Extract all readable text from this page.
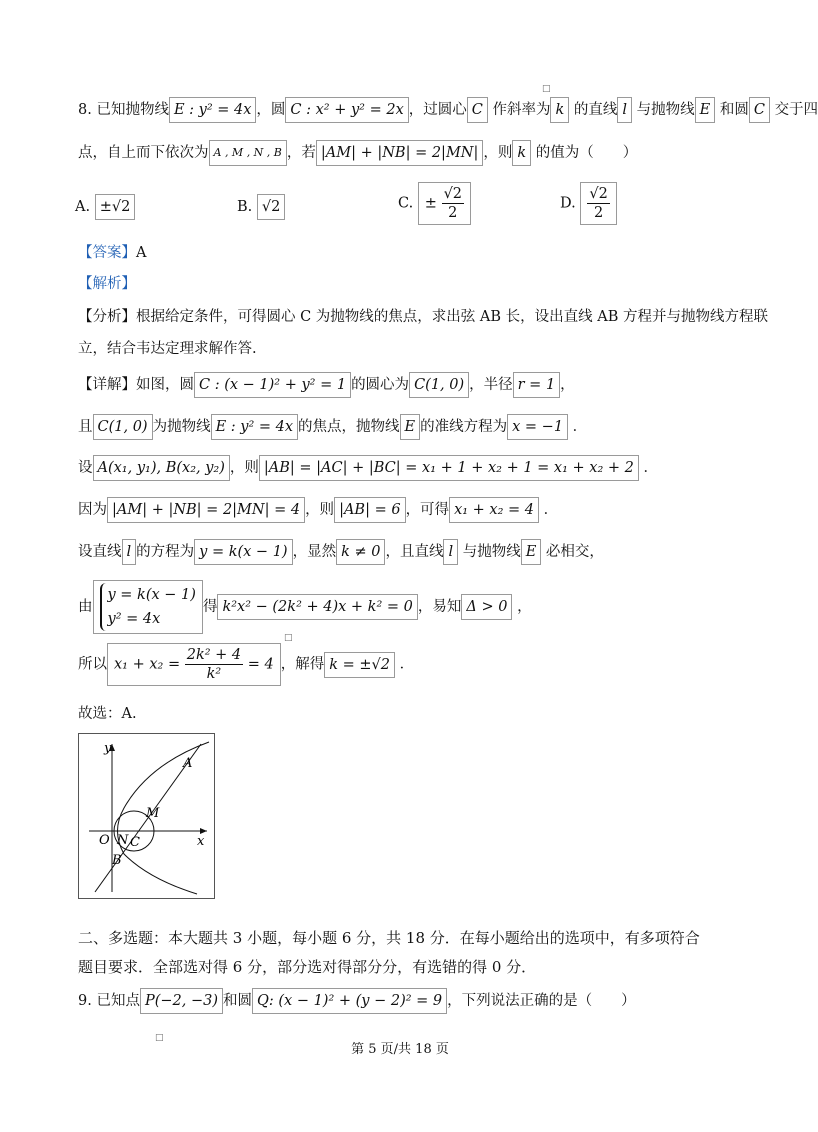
8. 已知抛物线 E : y² = 4x ，圆 C : x² + y² = 2x ，过圆心 C 作斜率为 k 的直线 l 与抛物线 E 和圆 C 交于四
点，自上而下依次为 A , M , N , B ，若 |AM| + |NB| = 2|MN| ，则 k 的值为（　　）
A. ±√2	B. √2	C. ± $\frac{√2}{2}$	D. $\frac{√2}{2}$
【答案】A
【解析】
【分析】根据给定条件，可得圆心 C 为抛物线的焦点，求出弦 AB 长，设出直线 AB 方程并与抛物线方程联
立，结合韦达定理求解作答.
【详解】如图，圆 C : (x − 1)² + y² = 1 的圆心为 C(1, 0) ，半径 r = 1 ，
且 C(1, 0) 为抛物线 E : y² = 4x 的焦点，抛物线 E 的准线方程为 x = −1 ．
设 A(x₁, y₁), B(x₂, y₂) ，则 |AB| = |AC| + |BC| = x₁ + 1 + x₂ + 1 = x₁ + x₂ + 2 ．
因为 |AM| + |NB| = 2|MN| = 4 ，则 |AB| = 6 ，可得 x₁ + x₂ = 4 ．
设直线 l 的方程为 y = k(x − 1) ，显然 k ≠ 0 ，且直线 l 与抛物线 E 必相交，
由
y = k(x − 1)
y² = 4x
得 k²x² − (2k² + 4)x + k² = 0 ，易知 Δ > 0 ，
所以 $x_1 + x_2 = \frac{\text{2k² + 4}}{\text{k²}} = 4$ ，解得 k = ±√2 ．
故选：A.
y
x
O
A
M
N C
B
二、多选题：本大题共 3 小题，每小题 6 分，共 18 分．在每小题给出的选项中，有多项符合
题目要求．全部选对得 6 分，部分选对得部分分，有选错的得 0 分．
9. 已知点 P(−2, −3) 和圆 Q: (x − 1)² + (y − 2)² = 9 ，下列说法正确的是（　　）
□
□
□
第 5 页/共 18 页
